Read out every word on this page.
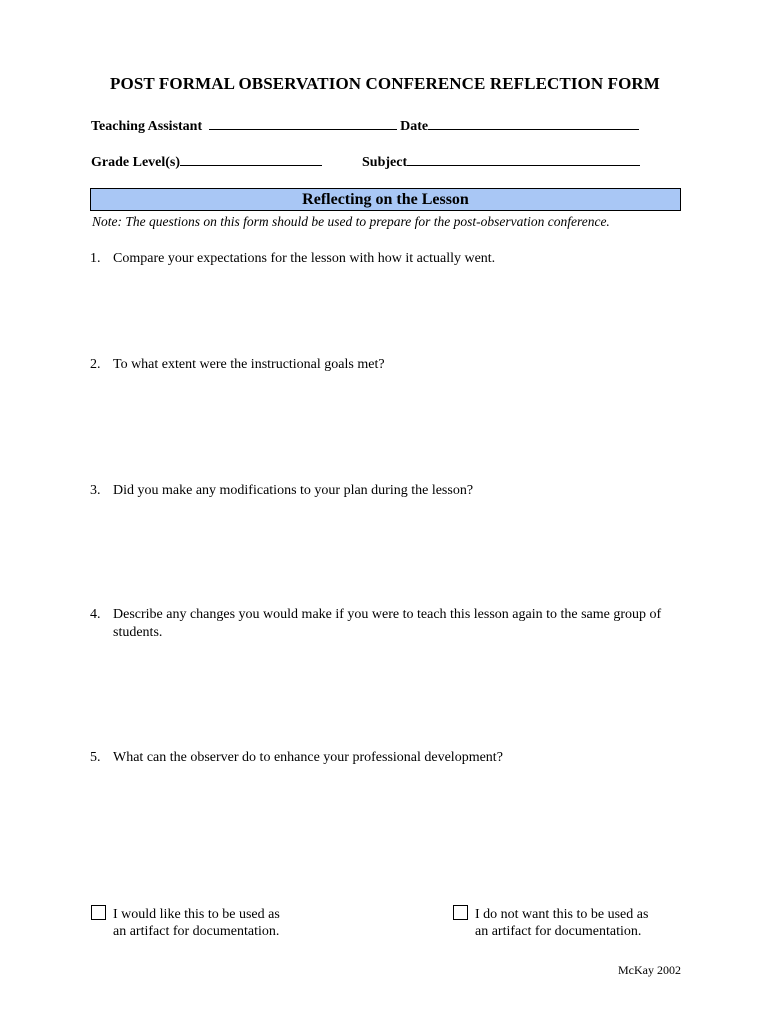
POST FORMAL OBSERVATION CONFERENCE REFLECTION FORM
Teaching Assistant	Date
Grade Level(s)	Subject
Reflecting on the Lesson
Note: The questions on this form should be used to prepare for the post-observation conference.
1. Compare your expectations for the lesson with how it actually went.
2. To what extent were the instructional goals met?
3. Did you make any modifications to your plan during the lesson?
4. Describe any changes you would make if you were to teach this lesson again to the same group of students.
5. What can the observer do to enhance your professional development?
I would like this to be used as
an artifact for documentation.
I do not want this to be used as
an artifact for documentation.
McKay 2002
